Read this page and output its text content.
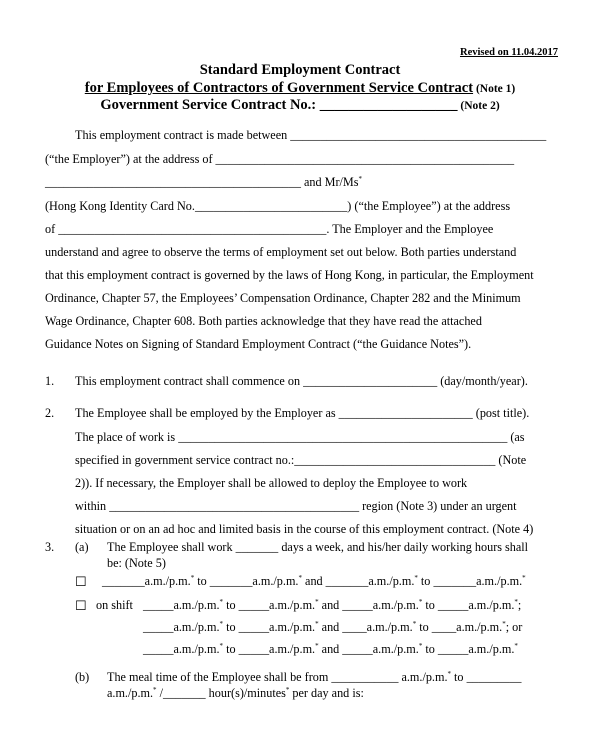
Revised on 11.04.2017
Standard Employment Contract
for Employees of Contractors of Government Service Contract (Note 1)
Government Service Contract No.: ___________________ (Note 2)
This employment contract is made between __________________________________________
(“the Employer”) at the address of _________________________________________________
__________________________________________ and Mr/Ms*
(Hong Kong Identity Card No._________________________) (“the Employee”) at the address
of ____________________________________________. The Employer and the Employee
understand and agree to observe the terms of employment set out below. Both parties understand
that this employment contract is governed by the laws of Hong Kong, in particular, the Employment
Ordinance, Chapter 57, the Employees’ Compensation Ordinance, Chapter 282 and the Minimum
Wage Ordinance, Chapter 608. Both parties acknowledge that they have read the attached
Guidance Notes on Signing of Standard Employment Contract (“the Guidance Notes”).
1. This employment contract shall commence on ______________________ (day/month/year).
2. The Employee shall be employed by the Employer as ______________________ (post title).
The place of work is ______________________________________________________ (as
specified in government service contract no.:_________________________________ (Note
2)). If necessary, the Employer shall be allowed to deploy the Employee to work
within _________________________________________ region (Note 3) under an urgent
situation or on an ad hoc and limited basis in the course of this employment contract. (Note 4)
3. (a) The Employee shall work _______ days a week, and his/her daily working hours shall
be: (Note 5)
☐ _______a.m./p.m.* to _______a.m./p.m.* and _______a.m./p.m.* to _______a.m./p.m.*
☐ on shift _____a.m./p.m.* to _____a.m./p.m.* and _____a.m./p.m.* to _____a.m./p.m.*;
_____a.m./p.m.* to _____a.m./p.m.* and ____a.m./p.m.* to ____a.m./p.m.*; or
_____a.m./p.m.* to _____a.m./p.m.* and _____a.m./p.m.* to _____a.m./p.m.*
(b) The meal time of the Employee shall be from ___________ a.m./p.m.* to _________
a.m./p.m.* /_______ hour(s)/minutes* per day and is:
